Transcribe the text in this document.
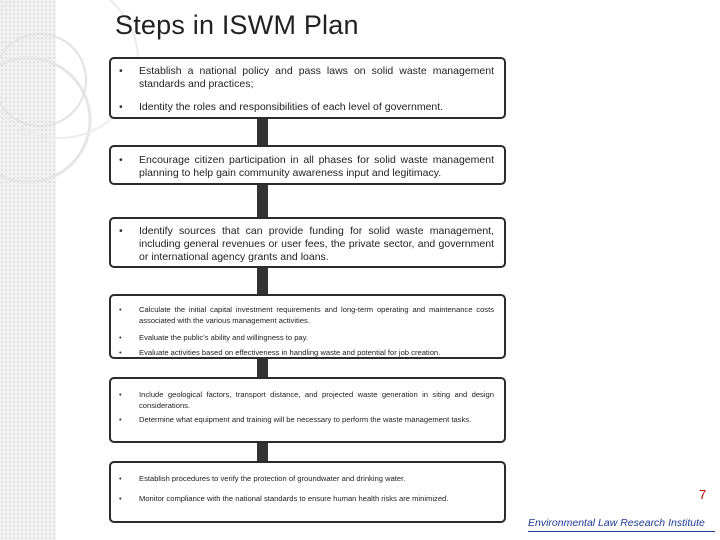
Steps in ISWM Plan
• Establish a national policy and pass laws on solid waste management standards and practices;
• Identity the roles and responsibilities of each level of government.
• Encourage citizen participation in all phases for solid waste management planning to help gain community awareness input and legitimacy.
• Identify sources that can provide funding for solid waste management, including general revenues or user fees, the private sector, and government or international agency grants and loans.
• Calculate the initial capital investment requirements and long-term operating and maintenance costs associated with the various management activities.
• Evaluate the public’s ability and willingness to pay.
• Evaluate activities based on effectiveness in handling waste and potential for job creation.
• Include geological factors, transport distance, and projected waste generation in siting and design considerations.
• Determine what equipment and training will be necessary to perform the waste management tasks.
• Establish procedures to verify the protection of groundwater and drinking water.
• Monitor compliance with the national standards to ensure human health risks are minimized.	7
Environmental Law Research Institute
